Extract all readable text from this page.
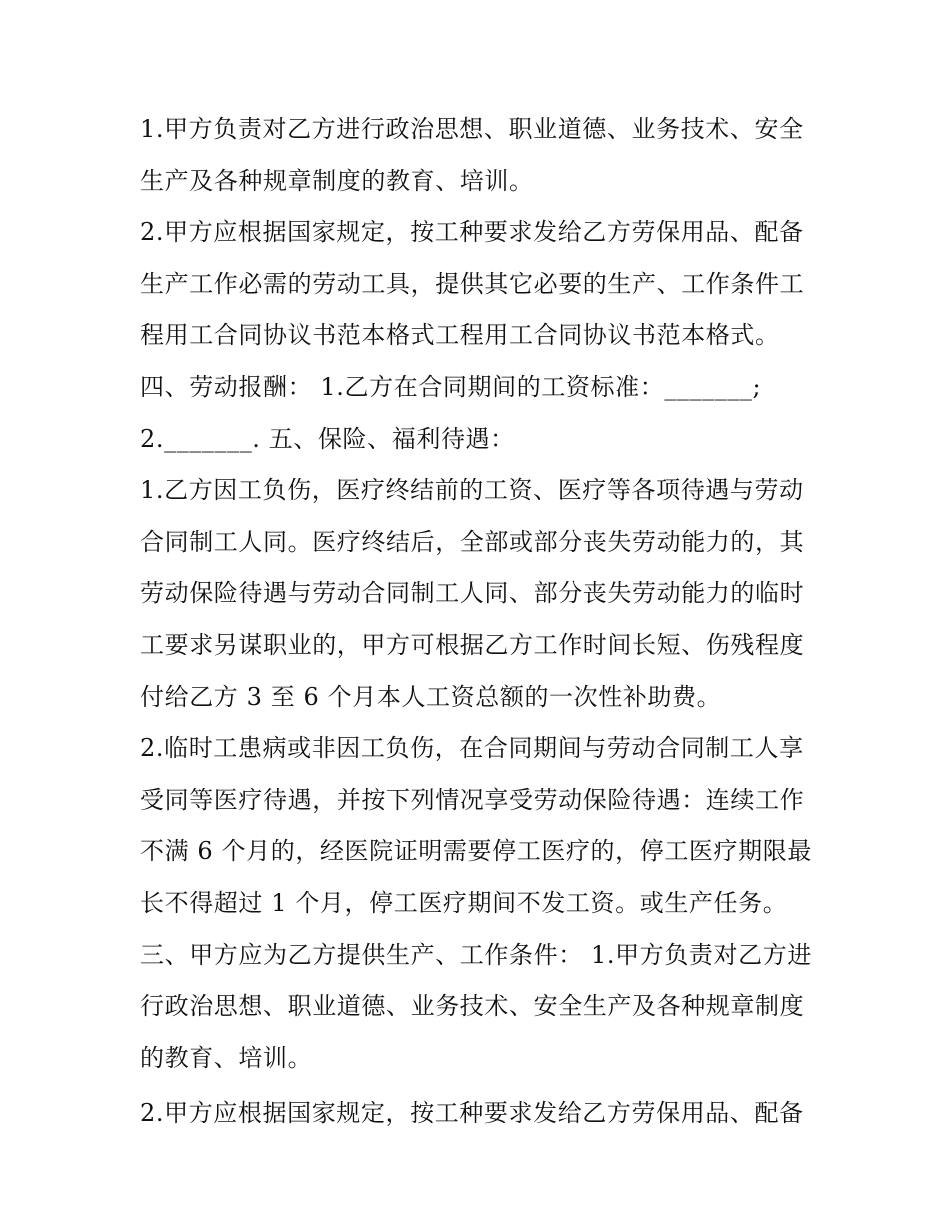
1.甲方负责对乙方进行政治思想、职业道德、业务技术、安全
生产及各种规章制度的教育、培训。
2.甲方应根据国家规定，按工种要求发给乙方劳保用品、配备
生产工作必需的劳动工具，提供其它必要的生产、工作条件工
程用工合同协议书范本格式工程用工合同协议书范本格式。
四、劳动报酬： 1.乙方在合同期间的工资标准：_______;
2._______. 五、保险、福利待遇：
1.乙方因工负伤，医疗终结前的工资、医疗等各项待遇与劳动
合同制工人同。医疗终结后，全部或部分丧失劳动能力的，其
劳动保险待遇与劳动合同制工人同、部分丧失劳动能力的临时
工要求另谋职业的，甲方可根据乙方工作时间长短、伤残程度
付给乙方 3 至 6 个月本人工资总额的一次性补助费。
2.临时工患病或非因工负伤，在合同期间与劳动合同制工人享
受同等医疗待遇，并按下列情况享受劳动保险待遇：连续工作
不满 6 个月的，经医院证明需要停工医疗的，停工医疗期限最
长不得超过 1 个月，停工医疗期间不发工资。或生产任务。
三、甲方应为乙方提供生产、工作条件： 1.甲方负责对乙方进
行政治思想、职业道德、业务技术、安全生产及各种规章制度
的教育、培训。
2.甲方应根据国家规定，按工种要求发给乙方劳保用品、配备
